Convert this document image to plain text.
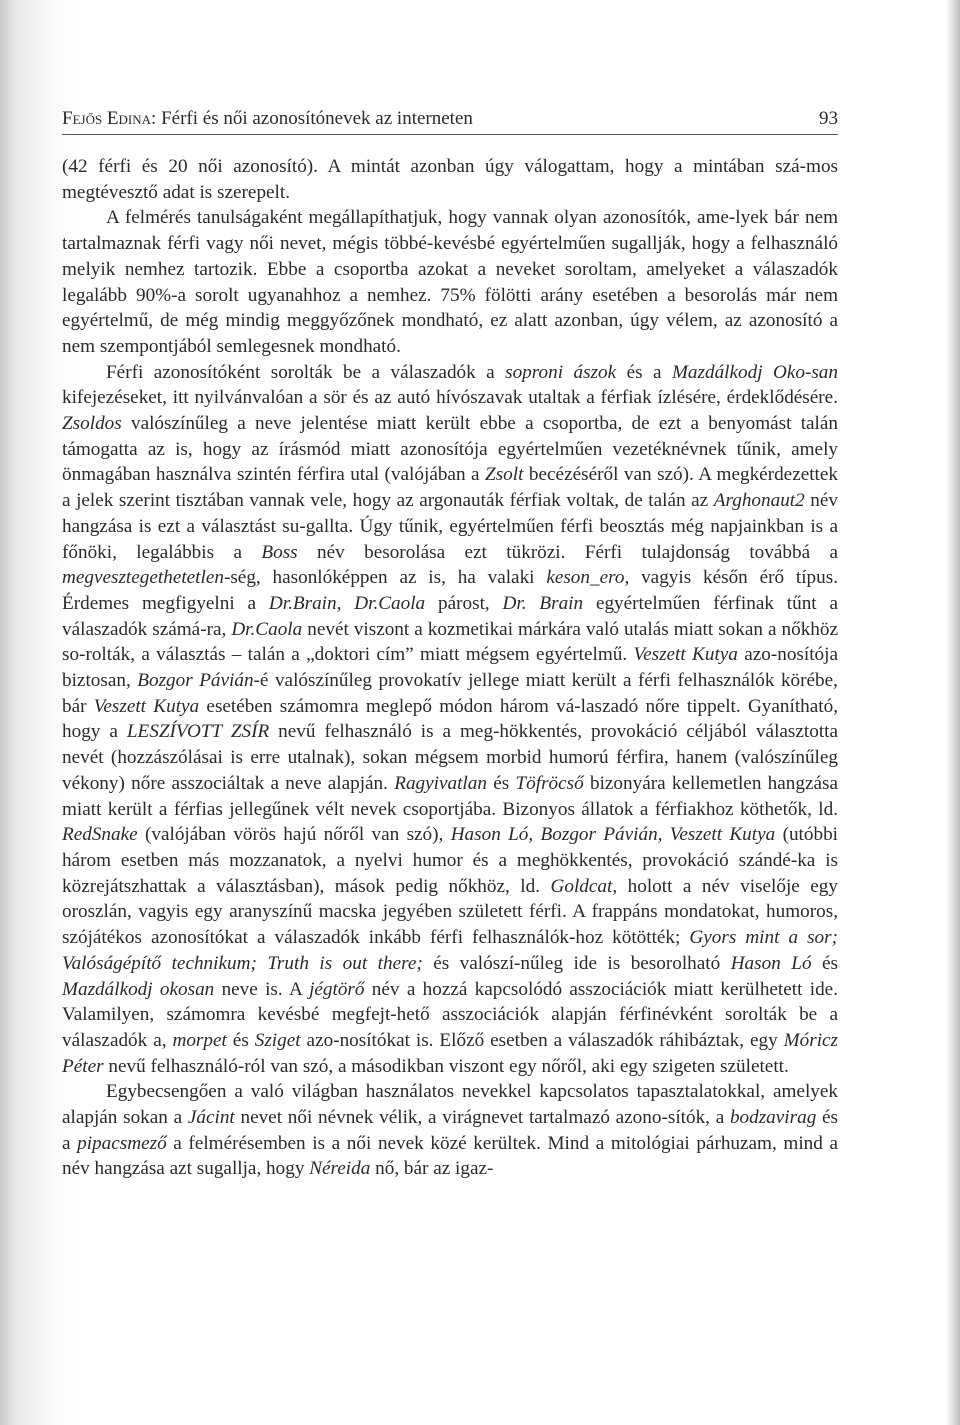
Fejős Edina: Férfi és női azonosítónevek az interneten	93

(42 férfi és 20 női azonosító). A mintát azonban úgy válogattam, hogy a mintában szá-mos megtévesztő adat is szerepelt.

A felmérés tanulságaként megállapíthatjuk, hogy vannak olyan azonosítók, ame-lyek bár nem tartalmaznak férfi vagy női nevet, mégis többé-kevésbé egyértelműen sugallják, hogy a felhasználó melyik nemhez tartozik. Ebbe a csoportba azokat a neveket soroltam, amelyeket a válaszadók legalább 90%-a sorolt ugyanahhoz a nemhez. 75% fölötti arány esetében a besorolás már nem egyértelmű, de még mindig meggyőzőnek mondható, ez alatt azonban, úgy vélem, az azonosító a nem szempontjából semlegesnek mondható.

Férfi azonosítóként sorolták be a válaszadók a soproni ászok és a Mazdálkodj Oko-san kifejezéseket, itt nyilvánvalóan a sör és az autó hívószavak utaltak a férfiak ízlésére, érdeklődésére. Zsoldos valószínűleg a neve jelentése miatt került ebbe a csoportba, de ezt a benyomást talán támogatta az is, hogy az írásmód miatt azonosítója egyértelműen vezetéknévnek tűnik, amely önmagában használva szintén férfira utal (valójában a Zsolt becézéséről van szó). A megkérdezettek a jelek szerint tisztában vannak vele, hogy az argonauták férfiak voltak, de talán az Arghonaut2 név hangzása is ezt a választást su-gallta. Úgy tűnik, egyértelműen férfi beosztás még napjainkban is a főnöki, legalábbis a Boss név besorolása ezt tükrözi. Férfi tulajdonság továbbá a megvesztegethetetlen-ség, hasonlóképpen az is, ha valaki keson_ero, vagyis későn érő típus. Érdemes megfigyelni a Dr.Brain, Dr.Caola párost, Dr. Brain egyértelműen férfinak tűnt a válaszadók számá-ra, Dr.Caola nevét viszont a kozmetikai márkára való utalás miatt sokan a nőkhöz so-rolták, a választás – talán a „doktori cím” miatt mégsem egyértelmű. Veszett Kutya azo-nosítója biztosan, Bozgor Pávián-é valószínűleg provokatív jellege miatt került a férfi felhasználók körébe, bár Veszett Kutya esetében számomra meglepő módon három vá-laszadó nőre tippelt. Gyanítható, hogy a LESZÍVOTT ZSÍR nevű felhasználó is a meg-hökkentés, provokáció céljából választotta nevét (hozzászólásai is erre utalnak), sokan mégsem morbid humorú férfira, hanem (valószínűleg vékony) nőre asszociáltak a neve alapján. Ragyivatlan és Töfröcső bizonyára kellemetlen hangzása miatt került a férfias jellegűnek vélt nevek csoportjába. Bizonyos állatok a férfiakhoz köthetők, ld. RedSnake (valójában vörös hajú nőről van szó), Hason Ló, Bozgor Pávián, Veszett Kutya (utóbbi három esetben más mozzanatok, a nyelvi humor és a meghökkentés, provokáció szándé-ka is közrejátszhattak a választásban), mások pedig nőkhöz, ld. Goldcat, holott a név viselője egy oroszlán, vagyis egy aranyszínű macska jegyében született férfi. A frappáns mondatokat, humoros, szójátékos azonosítókat a válaszadók inkább férfi felhasználók-hoz kötötték; Gyors mint a sor; Valóságépítő technikum; Truth is out there; és valószí-nűleg ide is besorolható Hason Ló és Mazdálkodj okosan neve is. A jégtörő név a hozzá kapcsolódó asszociációk miatt kerülhetett ide. Valamilyen, számomra kevésbé megfejt-hető asszociációk alapján férfinévként sorolták be a válaszadók a, morpet és Sziget azo-nosítókat is. Előző esetben a válaszadók ráhibáztak, egy Móricz Péter nevű felhasználó-ról van szó, a másodikban viszont egy nőről, aki egy szigeten született.

Egybecsengően a való világban használatos nevekkel kapcsolatos tapasztalatokkal, amelyek alapján sokan a Jácint nevet női névnek vélik, a virágnevet tartalmazó azono-sítók, a bodzavirag és a pipacsmező a felmérésemben is a női nevek közé kerültek. Mind a mitológiai párhuzam, mind a név hangzása azt sugallja, hogy Néreida nő, bár az igaz-
